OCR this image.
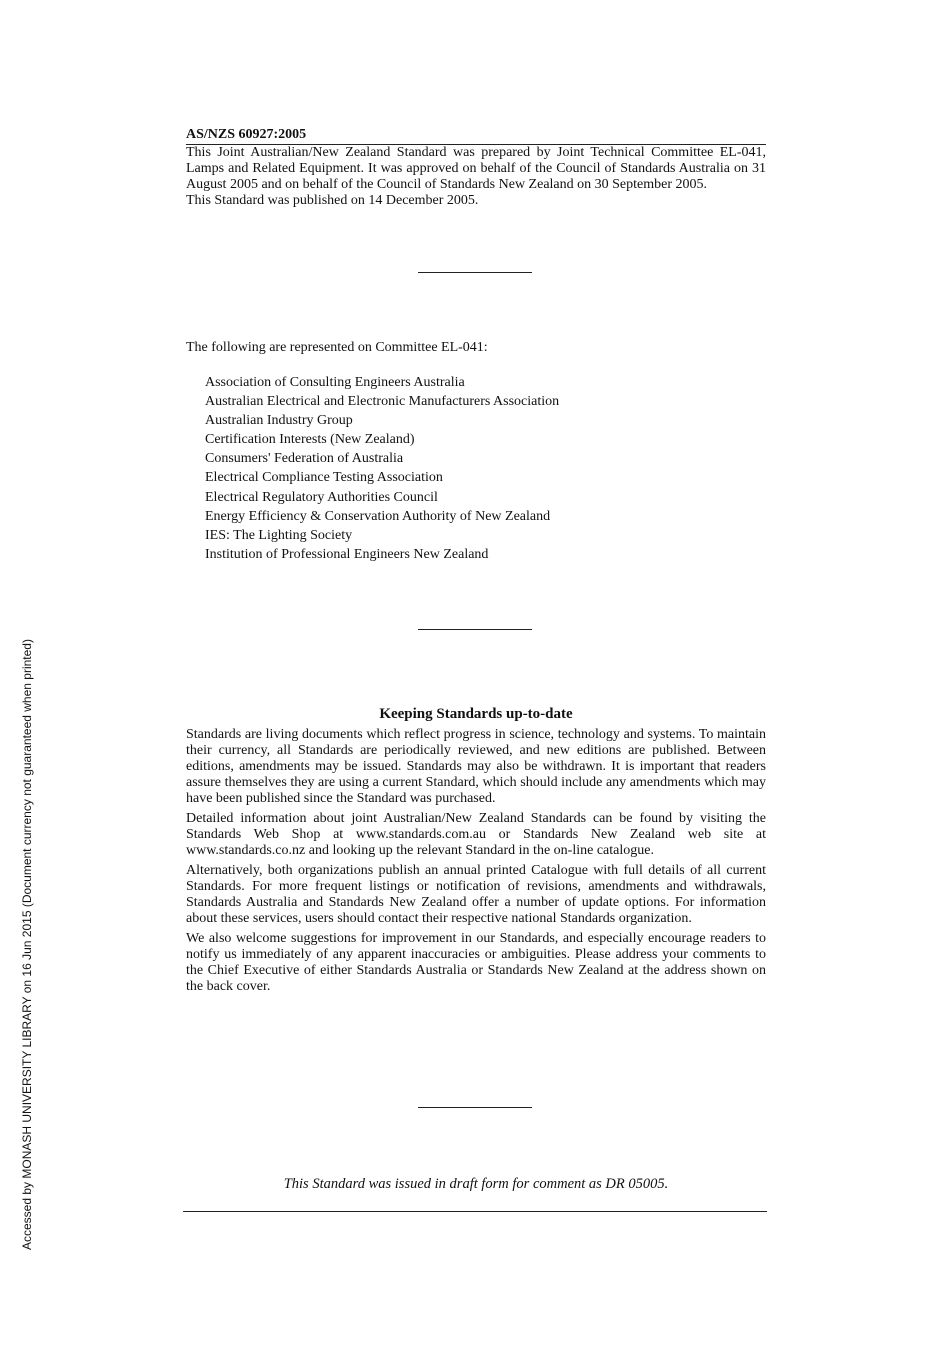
AS/NZS 60927:2005

This Joint Australian/New Zealand Standard was prepared by Joint Technical Committee EL-041, Lamps and Related Equipment. It was approved on behalf of the Council of Standards Australia on 31 August 2005 and on behalf of the Council of Standards New Zealand on 30 September 2005.

This Standard was published on 14 December 2005.

The following are represented on Committee EL-041:
Association of Consulting Engineers Australia
Australian Electrical and Electronic Manufacturers Association
Australian Industry Group
Certification Interests (New Zealand)
Consumers' Federation of Australia
Electrical Compliance Testing Association
Electrical Regulatory Authorities Council
Energy Efficiency & Conservation Authority of New Zealand
IES: The Lighting Society
Institution of Professional Engineers New Zealand
Keeping Standards up-to-date

Standards are living documents which reflect progress in science, technology and systems. To maintain their currency, all Standards are periodically reviewed, and new editions are published. Between editions, amendments may be issued. Standards may also be withdrawn. It is important that readers assure themselves they are using a current Standard, which should include any amendments which may have been published since the Standard was purchased.

Detailed information about joint Australian/New Zealand Standards can be found by visiting the Standards Web Shop at www.standards.com.au or Standards New Zealand web site at www.standards.co.nz and looking up the relevant Standard in the on-line catalogue.

Alternatively, both organizations publish an annual printed Catalogue with full details of all current Standards. For more frequent listings or notification of revisions, amendments and withdrawals, Standards Australia and Standards New Zealand offer a number of update options. For information about these services, users should contact their respective national Standards organization.

We also welcome suggestions for improvement in our Standards, and especially encourage readers to notify us immediately of any apparent inaccuracies or ambiguities. Please address your comments to the Chief Executive of either Standards Australia or Standards New Zealand at the address shown on the back cover.

This Standard was issued in draft form for comment as DR 05005.
Accessed by MONASH UNIVERSITY LIBRARY on 16 Jun 2015 (Document currency not guaranteed when printed)
